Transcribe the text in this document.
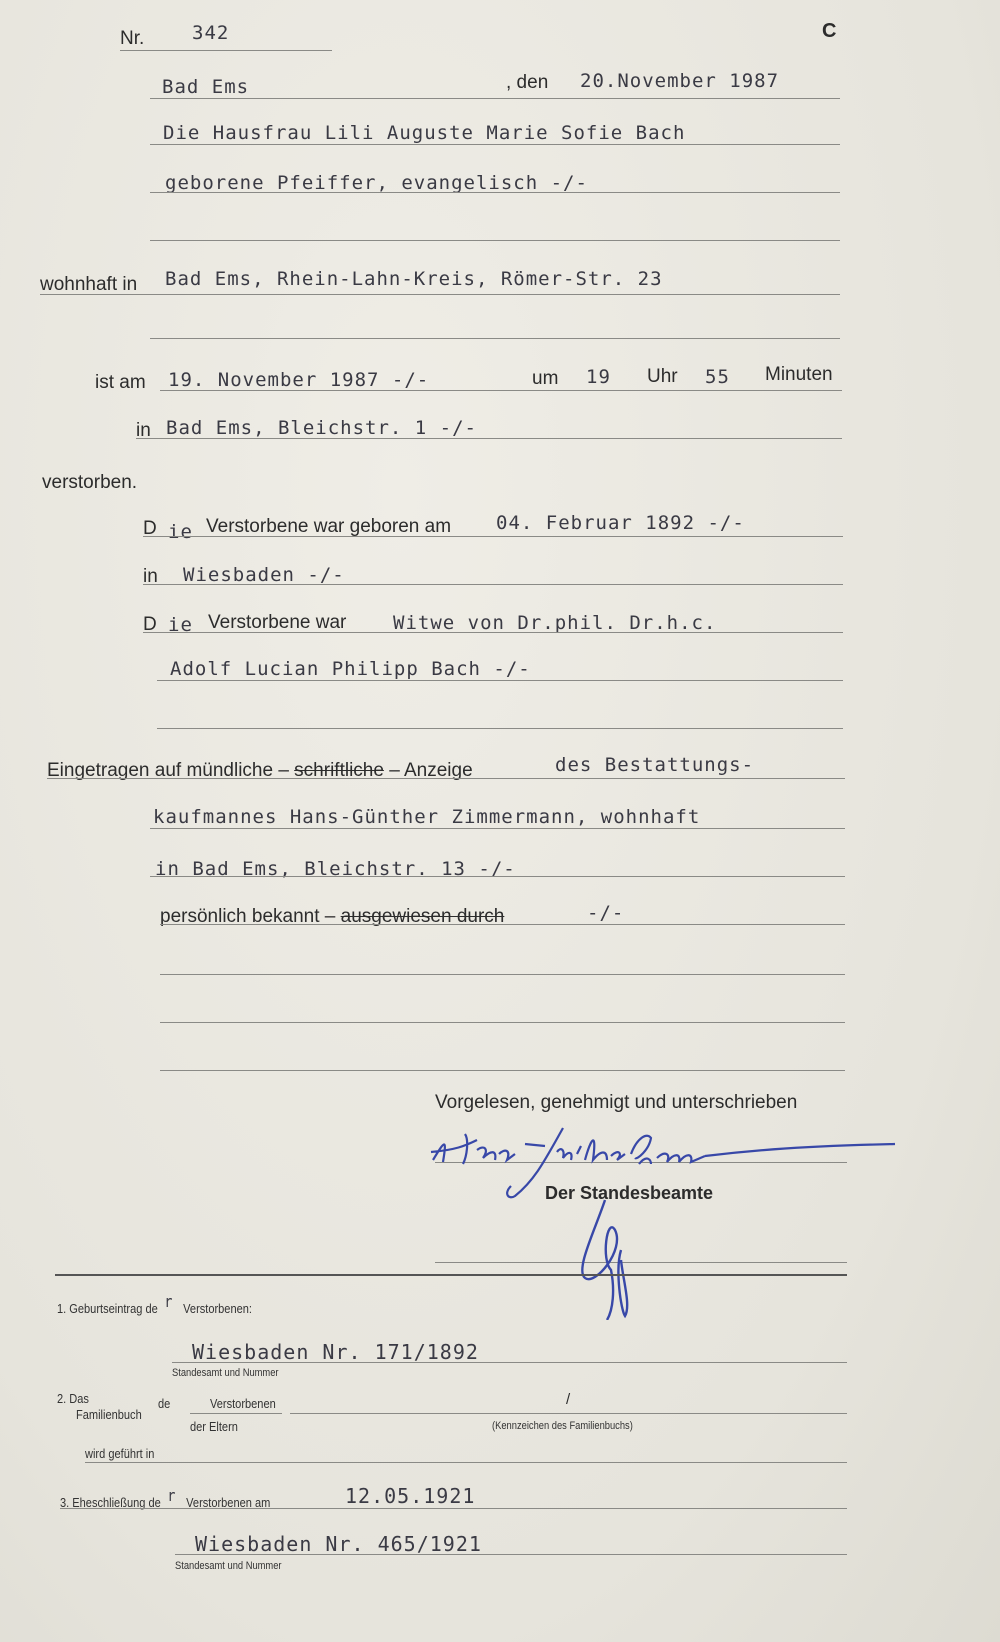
C
Nr.	342
Bad Ems	, den 20.November 1987
Die Hausfrau Lili Auguste Marie Sofie Bach
geborene Pfeiffer, evangelisch -/-
wohnhaft in Bad Ems, Rhein-Lahn-Kreis, Römer-Str. 23
ist am 19. November 1987 -/-	um 19 Uhr 55 Minuten
in Bad Ems, Bleichstr. 1 -/-
verstorben.
D ie Verstorbene war geboren am 04. Februar 1892 -/-
in Wiesbaden -/-
D ie Verstorbene war Witwe von Dr.phil. Dr.h.c.
Adolf Lucian Philipp Bach -/-
Eingetragen auf mündliche – schriftliche – Anzeige	des Bestattungs-
kaufmannes Hans-Günther Zimmermann, wohnhaft
in Bad Ems, Bleichstr. 13 -/-
persönlich bekannt – ausgewiesen durch	-/-
Vorgelesen, genehmigt und unterschrieben
Der Standesbeamte
1. Geburtseintrag de r Verstorbenen:
Wiesbaden Nr. 171/1892
Standesamt und Nummer
2. Das
Familienbuch
de	Verstorbenen	/
der Eltern	(Kennzeichen des Familienbuchs)
wird geführt in
3. Eheschließung de r Verstorbenen am	12.05.1921
Wiesbaden Nr. 465/1921
Standesamt und Nummer
